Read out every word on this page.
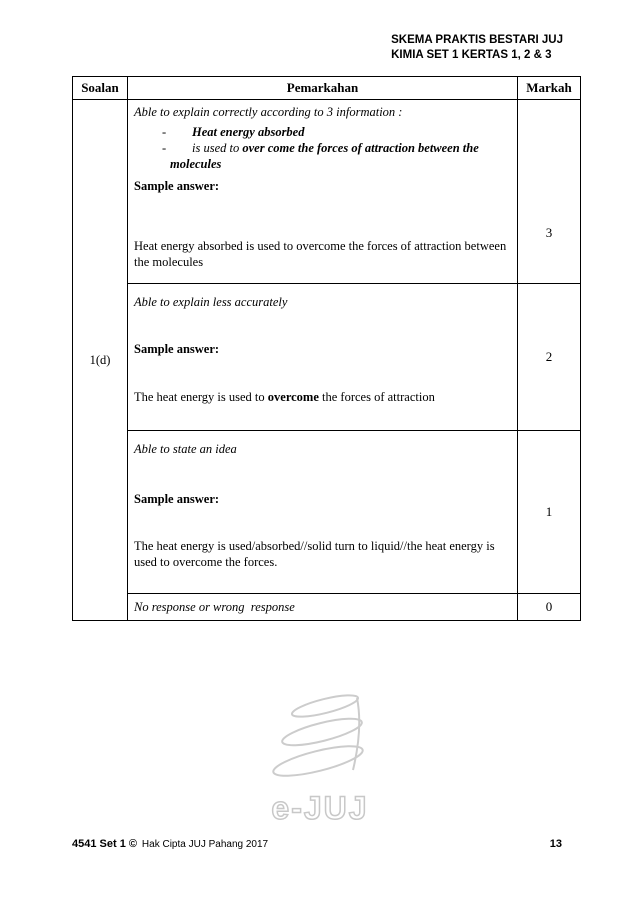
SKEMA PRAKTIS BESTARI JUJ
KIMIA SET 1 KERTAS 1, 2 & 3
Soalan	Pemarkahan	Markah
1(d)	Able to explain correctly according to 3 information :
- Heat energy absorbed
- is used to over come the forces of attraction between the molecules
Sample answer:
Heat energy absorbed is used to overcome the forces of attraction between the molecules	3

	Able to explain less accurately
Sample answer:
The heat energy is used to overcome the forces of attraction	2

	Able to state an idea
Sample answer:
The heat energy is used/absorbed//solid turn to liquid//the heat energy is used to overcome the forces.	1

	No response or wrong  response	0
e-JUJ
4541 Set 1 © Hak Cipta JUJ Pahang 2017	13
